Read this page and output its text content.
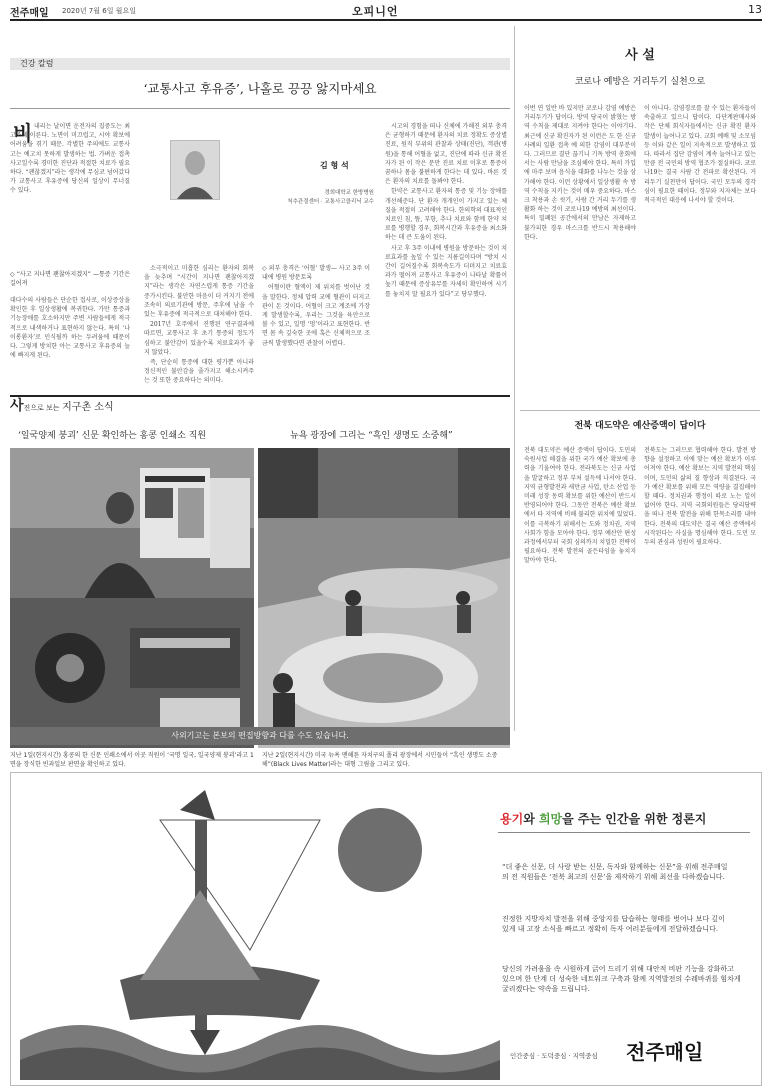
전주매일 2020년 7월 6일 월요일	오피니언	13
건강 칼럼
‘교통사고 후유증’, 나홀로 끙끙 앓지마세요
비 내리는 날이면 운전자의 집중도는 최고조에 이른다. 노면이 미끄럽고, 시야 확보에 어려움을 겪기 때문. 각별한 주의에도 교통사고는 예고치 못하게 발생하는 법. 가벼운 접촉사고일수록 경미한 진단과 적절한 치료가 필요하다. “괜찮겠지”라는 생각에 무심코 넘어갔다가 교통사고 후유증에 당신의 일상이 무너질 수 있다.

◇ “사고 지나면 괜찮아지겠지” —통증 기간은 길어져
대다수의 사람들은 단순한 접사로, 이상증상을 확인한 후 일상생활에 복귀한다. 가만 통증과 기능장애를 호소하지만 주변 사람들에게 적극적으로 내색하거나 표현하지 않는다. 특히 ‘나이롱환자’로 인식될까 하는 두려움에 때문이다. 그렇게 방치한 아는 교통사고 후유증의 늪에 빠지게 된다.
김 형 석
경희대학교 한방병원
척추관절센터 · 교통사고클리닉 교수

소극적이고 미흡한 심리는 환자의 회복을 늦추며 “시간이 지나면 괜찮아지겠지”라는 생각은 자연스럽게 통증 기간을 증가시킨다. 불안한 마음이 더 커지기 전에 조속히 의료기관에 방문, 주후에 남을 수 있는 후유증에 적극적으로 대처해야 한다.

2017년 호주에서 진행된 연구결과에 따르면, 교통사고 후 초기 통증의 정도가 심하고 불안감이 있을수록 치료효과가 좋지 않았다.

즉, 단순히 통증에 대한 평가뿐 아니라 정신적인 불안감을 줄가지고 해소시켜주는 것 또한 중요하다는 의미다.

◇ 외부 충격은 ‘어혈’ 발생— 사고 3주 이내에 병원 방문토록

어혈이란 혈액이 제 위치를 벗어난 것을 말한다. 정체 압력 교에 혈관이 터지고 관이 돈 것이다. 어혈이 크고 계조에 가장게 발생할수록, 우리는 그것을 육안으로 볼 수 있고, 일명 ‘멍’이라고 표현한다. 반면 몸 속 깊숙한 곳에 혹은 신체적으로 조금씩 발생했다면 관찰이 어렵다.

시고의 경험을 떠나 신체에 가해진 외부 충격은 균형하기 때문에 환자의 치료 정확도 증상별 진료, 원직 부위의 관찰과 상태(진단), 객관(병원)을 통해 어혈을 없고, 진단에 따라 신규 확진자가 된 이 작은 문만 진료 치료 이후로 통증이 꿈하나 몸을 불편하게 한다는 데 있다. 바른 것은 환자의 치료를 돌봐야 한다.

한약은 교통사고 환자의 통증 및 기능 장애를 개선해준다. 단 환자 개개인이 가지고 있는 체질을 적절히 고려해야 한다. 한의학의 대표적인 치료인 침, 뜸, 부항, 추나 치료와 함께 한약 치료를 병행할 경우, 회복시간과 후유증을 최소화하는 데 큰 도움이 된다.

사고 후 3주 이내에 병원을 방문하는 것이 치료효과를 높일 수 있는 지름길이다며 “방치 시간이 길어질수록 회복속도가 더뎌지고 치료효과가 떨어져 교통사고 후유증이 나타날 확률이 높기 때문에 증상유무를 자세히 확인하여 시기를 놓치지 말 필요가 있다”고 당부했다.

사 설
코로나 예방은 거리두기 실천으로
이번 연 일반 바 있지만 코로나 감염 예방은 거리두기가 답이다. 방역 당국이 밝혔는 방역 수칙을 제대로 지켜야 한다는 이야기다. 최근에 신규 확진자가 된 이런은 도 한 신규 사례의 일환 접촉 예 의한 감염이 대부분이다. 그러므로 결단 끊기니 기독 방역 총회에서는 사람 만남을 조심해야 한다. 특히 가입에 마주 보며 음식을 대화를 나누는 것을 삼가해야 한다. 이런 상황에서 일상생활 속 방역 수칙을 지키는 것이 매우 중요하다. 마스크 착용과 손 씻기, 사람 간 거리 두기를 생활화 하는 것이 코로나19 예방의 최선이다. 특히 밀폐된 공간에서의 만남은 자제하고 불가피한 경우 마스크를 반드시 착용해야 한다.
이 아니다. 감염경로를 잘 수 있는 환자들이 속출하고 있으니 답이다. 다단계판매사와 작은 단체 회식자들에서는 신규 확진 환자 발생이 늘어나고 있다. 교회 예배 및 소모임 등 이와 같은 일이 지속적으로 발생하고 있다. 따라서 집단 감염이 계속 늘어나고 있는 만큼 전 국민의 방역 협조가 절실하다. 코로나19는 결국 사람 간 전파로 확산된다. 거리두기 실천만이 답이다. 국민 모두의 경각심이 필요한 때이다. 정부와 지자체는 보다 적극적인 대응에 나서야 할 것이다.
전북 대도약은 예산증액이 답이다
전북 대도약은 예산 증액이 답이다. 도민의 숙원사업 해결을 위한 국가 예산 확보에 총력을 기울여야 한다. 전라북도는 신규 사업을 발굴하고 정부 부처 설득에 나서야 한다. 지역 균형발전과 새만금 사업, 탄소 산업 등 미래 성장 동력 확보를 위한 예산이 반드시 반영되어야 한다. 그동안 전북은 예산 확보에서 타 지역에 비해 불리한 위치에 있었다. 이를 극복하기 위해서는 도와 정치권, 지역 사회가 힘을 모아야 한다. 정부 예산안 편성 과정에서부터 국회 심의까지 치밀한 전략이 필요하다. 전북 발전의 골든타임을 놓치지 말아야 한다.
전북도는 그러므로 협력해야 한다. 발전 방향을 설정하고 이에 맞는 예산 확보가 이루어져야 한다. 예산 확보는 지역 발전의 핵심이며, 도민의 삶의 질 향상과 직결된다. 국가 예산 확보를 위해 모든 역량을 결집해야 할 때다. 정치권과 행정이 따로 노는 일이 없어야 한다. 지역 국회의원들은 당리당략을 떠나 전북 발전을 위해 한목소리를 내야 한다. 전북의 대도약은 결국 예산 증액에서 시작된다는 사실을 명심해야 한다. 도민 모두의 관심과 성원이 필요하다.
사진으로 보는 지구촌 소식
‘일국양제 붕괴’ 신문 확인하는 홍콩 인쇄소 직원	뉴욕 광장에 그리는 “흑인 생명도 소중해”
지난 1일(현지시간) 홍콩의 한 신문 인쇄소에서 이곳 직원이 ‘국명 일국, 일국양제 붕괴’라고 1면을 장식한 빈과일보 판면을 확인하고 있다.
지난 2일(현지시간) 미국 뉴욕 맨해튼 자치구의 폴리 광장에서 시민들이 “흑인 생명도 소중해”(Black Lives Matter)라는 대형 그림을 그리고 있다.
사외기고는 본보의 편집방향과 다를 수도 있습니다.
용기와 희망을 주는 인간을 위한 정론지
“더 좋은 신문, 더 사랑 받는 신문, 독자와 함께하는 신문”을 위해 전주매일의 전 직원들은 ‘전북 최고의 신문’을 제작하기 위해 최선을 다하겠습니다.
진정한 지방자치 발전을 위해 중앙지를 답습하는 형태를 벗어나 보다 깊이 있게 내 고장 소식을 빠르고 정확히 독자 여러분들에게 전달하겠습니다.
당신의 가려움을 속 시원하게 긁어 드리기 위해 대안적 비판 기능을 강화하고 있으며 한 단계 더 성숙한 네트워크 구축과 함께 지역발전의 수레바퀴를 힘차게 굴리겠다는 약속을 드립니다.
인간중심 · 도덕중심 · 지역중심 전주매일
